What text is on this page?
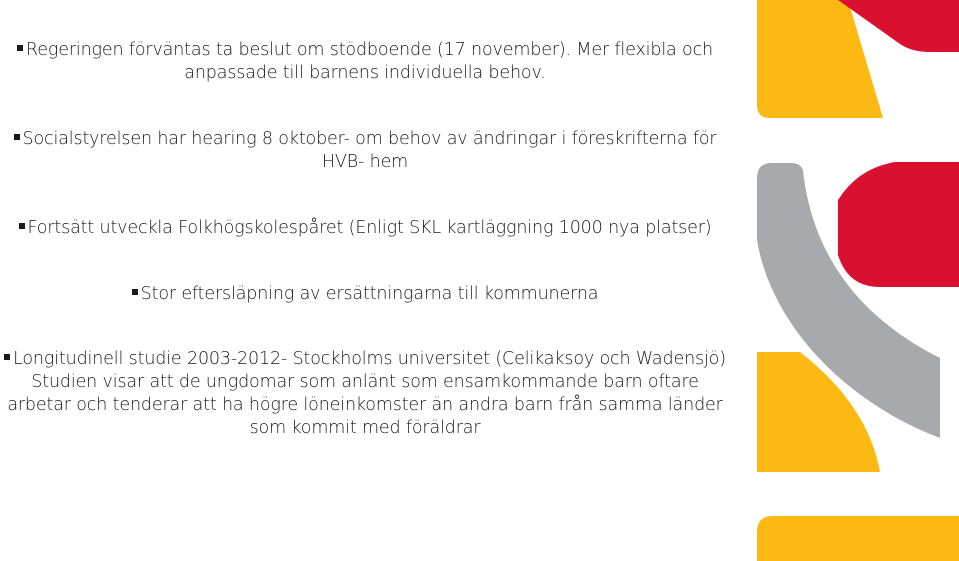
Regeringen förväntas ta beslut om stödboende (17 november). Mer flexibla och
anpassade till barnens individuella behov.
Socialstyrelsen har hearing 8 oktober- om behov av ändringar i föreskrifterna för
HVB- hem
Fortsätt utveckla Folkhögskolespåret (Enligt SKL kartläggning 1000 nya platser)
Stor eftersläpning av ersättningarna till kommunerna
Longitudinell studie 2003-2012- Stockholms universitet (Celikaksoy och Wadensjö)
Studien visar att de ungdomar som anlänt som ensamkommande barn oftare
arbetar och tenderar att ha högre löneinkomster än andra barn från samma länder
som kommit med föräldrar
